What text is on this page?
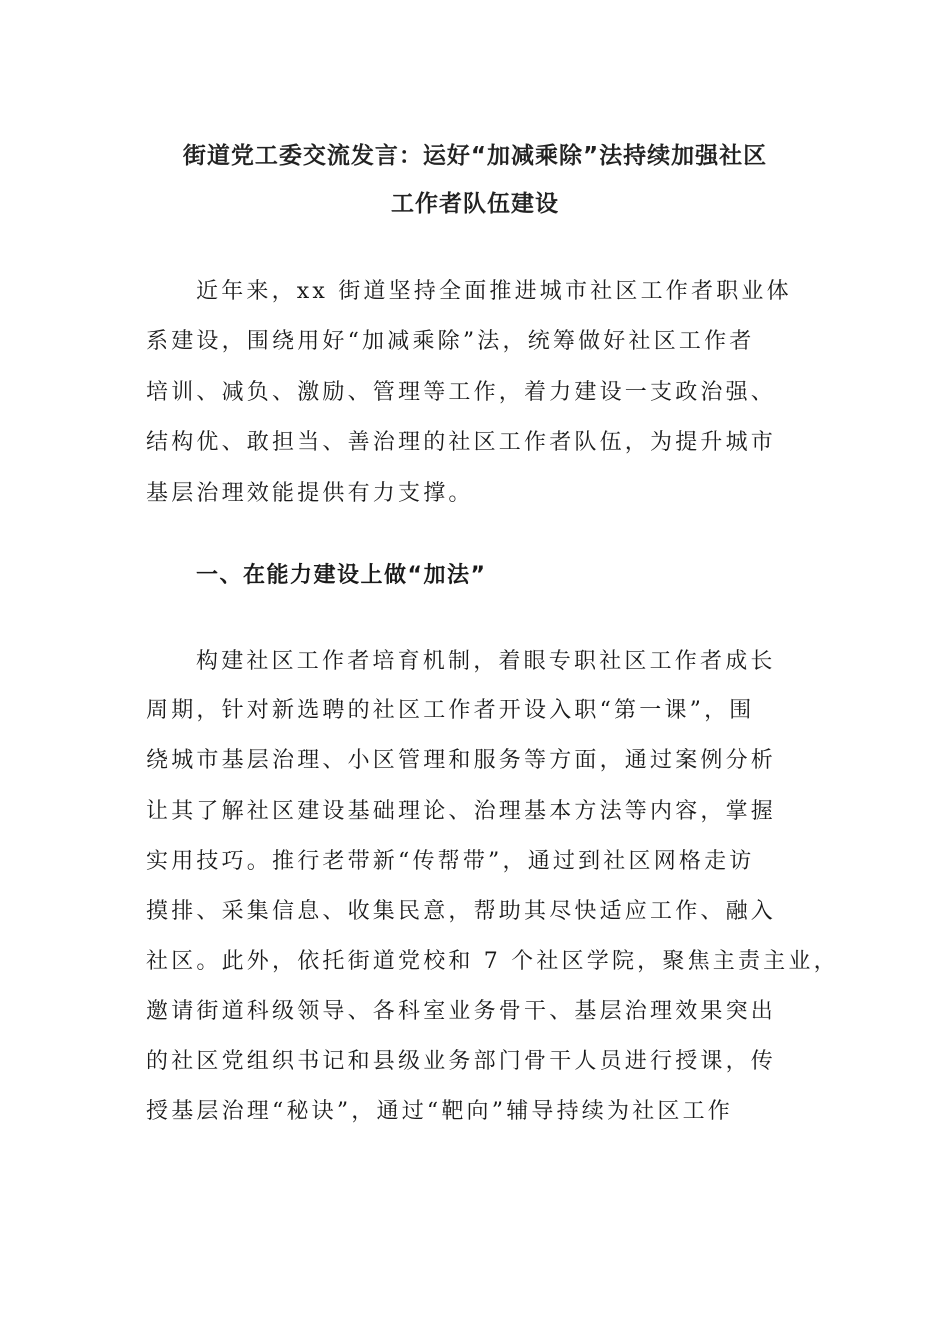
街道党工委交流发言：运好“加减乘除”法持续加强社区
工作者队伍建设
近年来，xx 街道坚持全面推进城市社区工作者职业体
系建设，围绕用好“加减乘除”法，统筹做好社区工作者
培训、减负、激励、管理等工作，着力建设一支政治强、
结构优、敢担当、善治理的社区工作者队伍，为提升城市
基层治理效能提供有力支撑。
一、在能力建设上做“加法”
构建社区工作者培育机制，着眼专职社区工作者成长
周期，针对新选聘的社区工作者开设入职“第一课”，围
绕城市基层治理、小区管理和服务等方面，通过案例分析
让其了解社区建设基础理论、治理基本方法等内容，掌握
实用技巧。推行老带新“传帮带”，通过到社区网格走访
摸排、采集信息、收集民意，帮助其尽快适应工作、融入
社区。此外，依托街道党校和 7 个社区学院，聚焦主责主业，
邀请街道科级领导、各科室业务骨干、基层治理效果突出
的社区党组织书记和县级业务部门骨干人员进行授课，传
授基层治理“秘诀”，通过“靶向”辅导持续为社区工作
